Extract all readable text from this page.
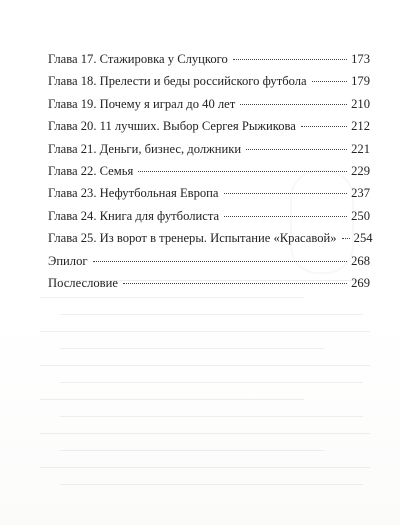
Глава 17. Стажировка у Слуцкого	173
Глава 18. Прелести и беды российского футбола	179
Глава 19. Почему я играл до 40 лет	210
Глава 20. 11 лучших. Выбор Сергея Рыжикова	212
Глава 21. Деньги, бизнес, должники	221
Глава 22. Семья	229
Глава 23. Нефутбольная Европа	237
Глава 24. Книга для футболиста	250
Глава 25. Из ворот в тренеры. Испытание «Красавой» 254
Эпилог	268
Послесловие	269
